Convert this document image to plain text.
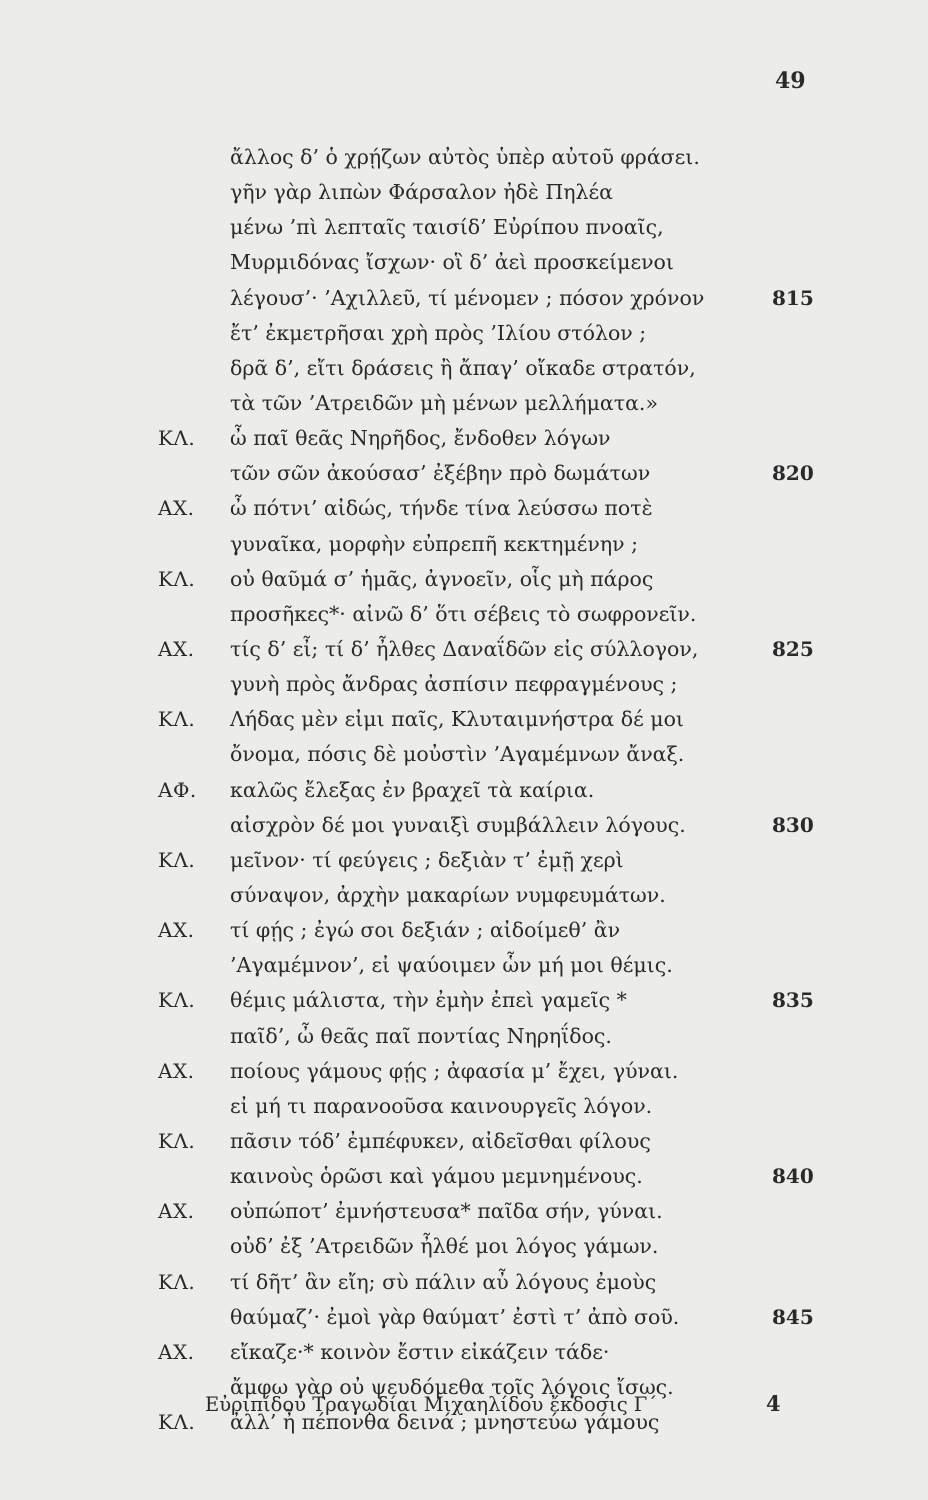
49
ἄλλος δ’ ὁ χρῄζων αὐτὸς ὑπὲρ αὐτοῦ φράσει.
γῆν γὰρ λιπὼν Φάρσαλον ἠδὲ Πηλέα
μένω ’πὶ λεπταῖς ταισίδ’ Εὐρίπου πνοαῖς,
Μυρμιδόνας ἴσχων· οἳ δ’ ἀεὶ προσκείμενοι
λέγουσ’· ’Αχιλλεῦ, τί μένομεν ; πόσον χρόνον	815
ἔτ’ ἐκμετρῆσαι χρὴ πρὸς ’Ιλίου στόλον ;
δρᾶ δ’, εἴτι δράσεις ἢ ἄπαγ’ οἴκαδε στρατόν,
τὰ τῶν ’Ατρειδῶν μὴ μένων μελλήματα.»
ΚΛ. ὦ παῖ θεᾶς Νηρῆδος, ἔνδοθεν λόγων
τῶν σῶν ἀκούσασ’ ἐξέβην πρὸ δωμάτων	820
ΑΧ. ὦ πότνι’ αἰδώς, τήνδε τίνα λεύσσω ποτὲ
γυναῖκα, μορφὴν εὐπρεπῆ κεκτημένην ;
ΚΛ. οὐ θαῦμά σ’ ἡμᾶς, ἀγνοεῖν, οἷς μὴ πάρος
προσῆκες*· αἰνῶ δ’ ὅτι σέβεις τὸ σωφρονεῖν.
ΑΧ. τίς δ’ εἶ; τί δ’ ἦλθες Δαναΐδῶν εἰς σύλλογον,	825
γυνὴ πρὸς ἄνδρας ἀσπίσιν πεφραγμένους ;
ΚΛ. Λήδας μὲν εἰμι παῖς, Κλυταιμνήστρα δέ μοι
ὄνομα, πόσις δὲ μοὐστὶν ’Αγαμέμνων ἄναξ.
ΑΦ. καλῶς ἔλεξας ἐν βραχεῖ τὰ καίρια.
αἰσχρὸν δέ μοι γυναιξὶ συμβάλλειν λόγους.	830
ΚΛ. μεῖνον· τί φεύγεις ; δεξιὰν τ’ ἐμῇ χερὶ
σύναψον, ἀρχὴν μακαρίων νυμφευμάτων.
ΑΧ. τί φῄς ; ἐγώ σοι δεξιάν ; αἰδοίμεθ’ ἂν
’Αγαμέμνον’, εἰ ψαύοιμεν ὧν μή μοι θέμις.
ΚΛ. θέμις μάλιστα, τὴν ἐμὴν ἐπεὶ γαμεῖς *	835
παῖδ’, ὦ θεᾶς παῖ ποντίας Νηρηΐδος.
ΑΧ. ποίους γάμους φῄς ; ἀφασία μ’ ἔχει, γύναι.
εἰ μή τι παρανοοῦσα καινουργεῖς λόγον.
ΚΛ. πᾶσιν τόδ’ ἐμπέφυκεν, αἰδεῖσθαι φίλους
καινοὺς ὁρῶσι καὶ γάμου μεμνημένους.	840
ΑΧ. οὐπώποτ’ ἐμνήστευσα* παῖδα σήν, γύναι.
οὐδ’ ἐξ ’Ατρειδῶν ἦλθέ μοι λόγος γάμων.
ΚΛ. τί δῆτ’ ἂν εἴη; σὺ πάλιν αὖ λόγους ἐμοὺς
θαύμαζ’· ἐμοὶ γὰρ θαύματ’ ἐστὶ τ’ ἀπὸ σοῦ.	845
ΑΧ. εἴκαζε·* κοινὸν ἔστιν εἰκάζειν τάδε·
ἄμφω γὰρ οὐ ψευδόμεθα τοῖς λόγοις ἴσως.
ΚΛ. ἀλλ’ ἦ πέπονθα δεινά ; μνηστεύω γάμους
Εὐριπίδου Τραγῳδίαι Μιχαηλίδου ἔκδοσις Γ΄	4
